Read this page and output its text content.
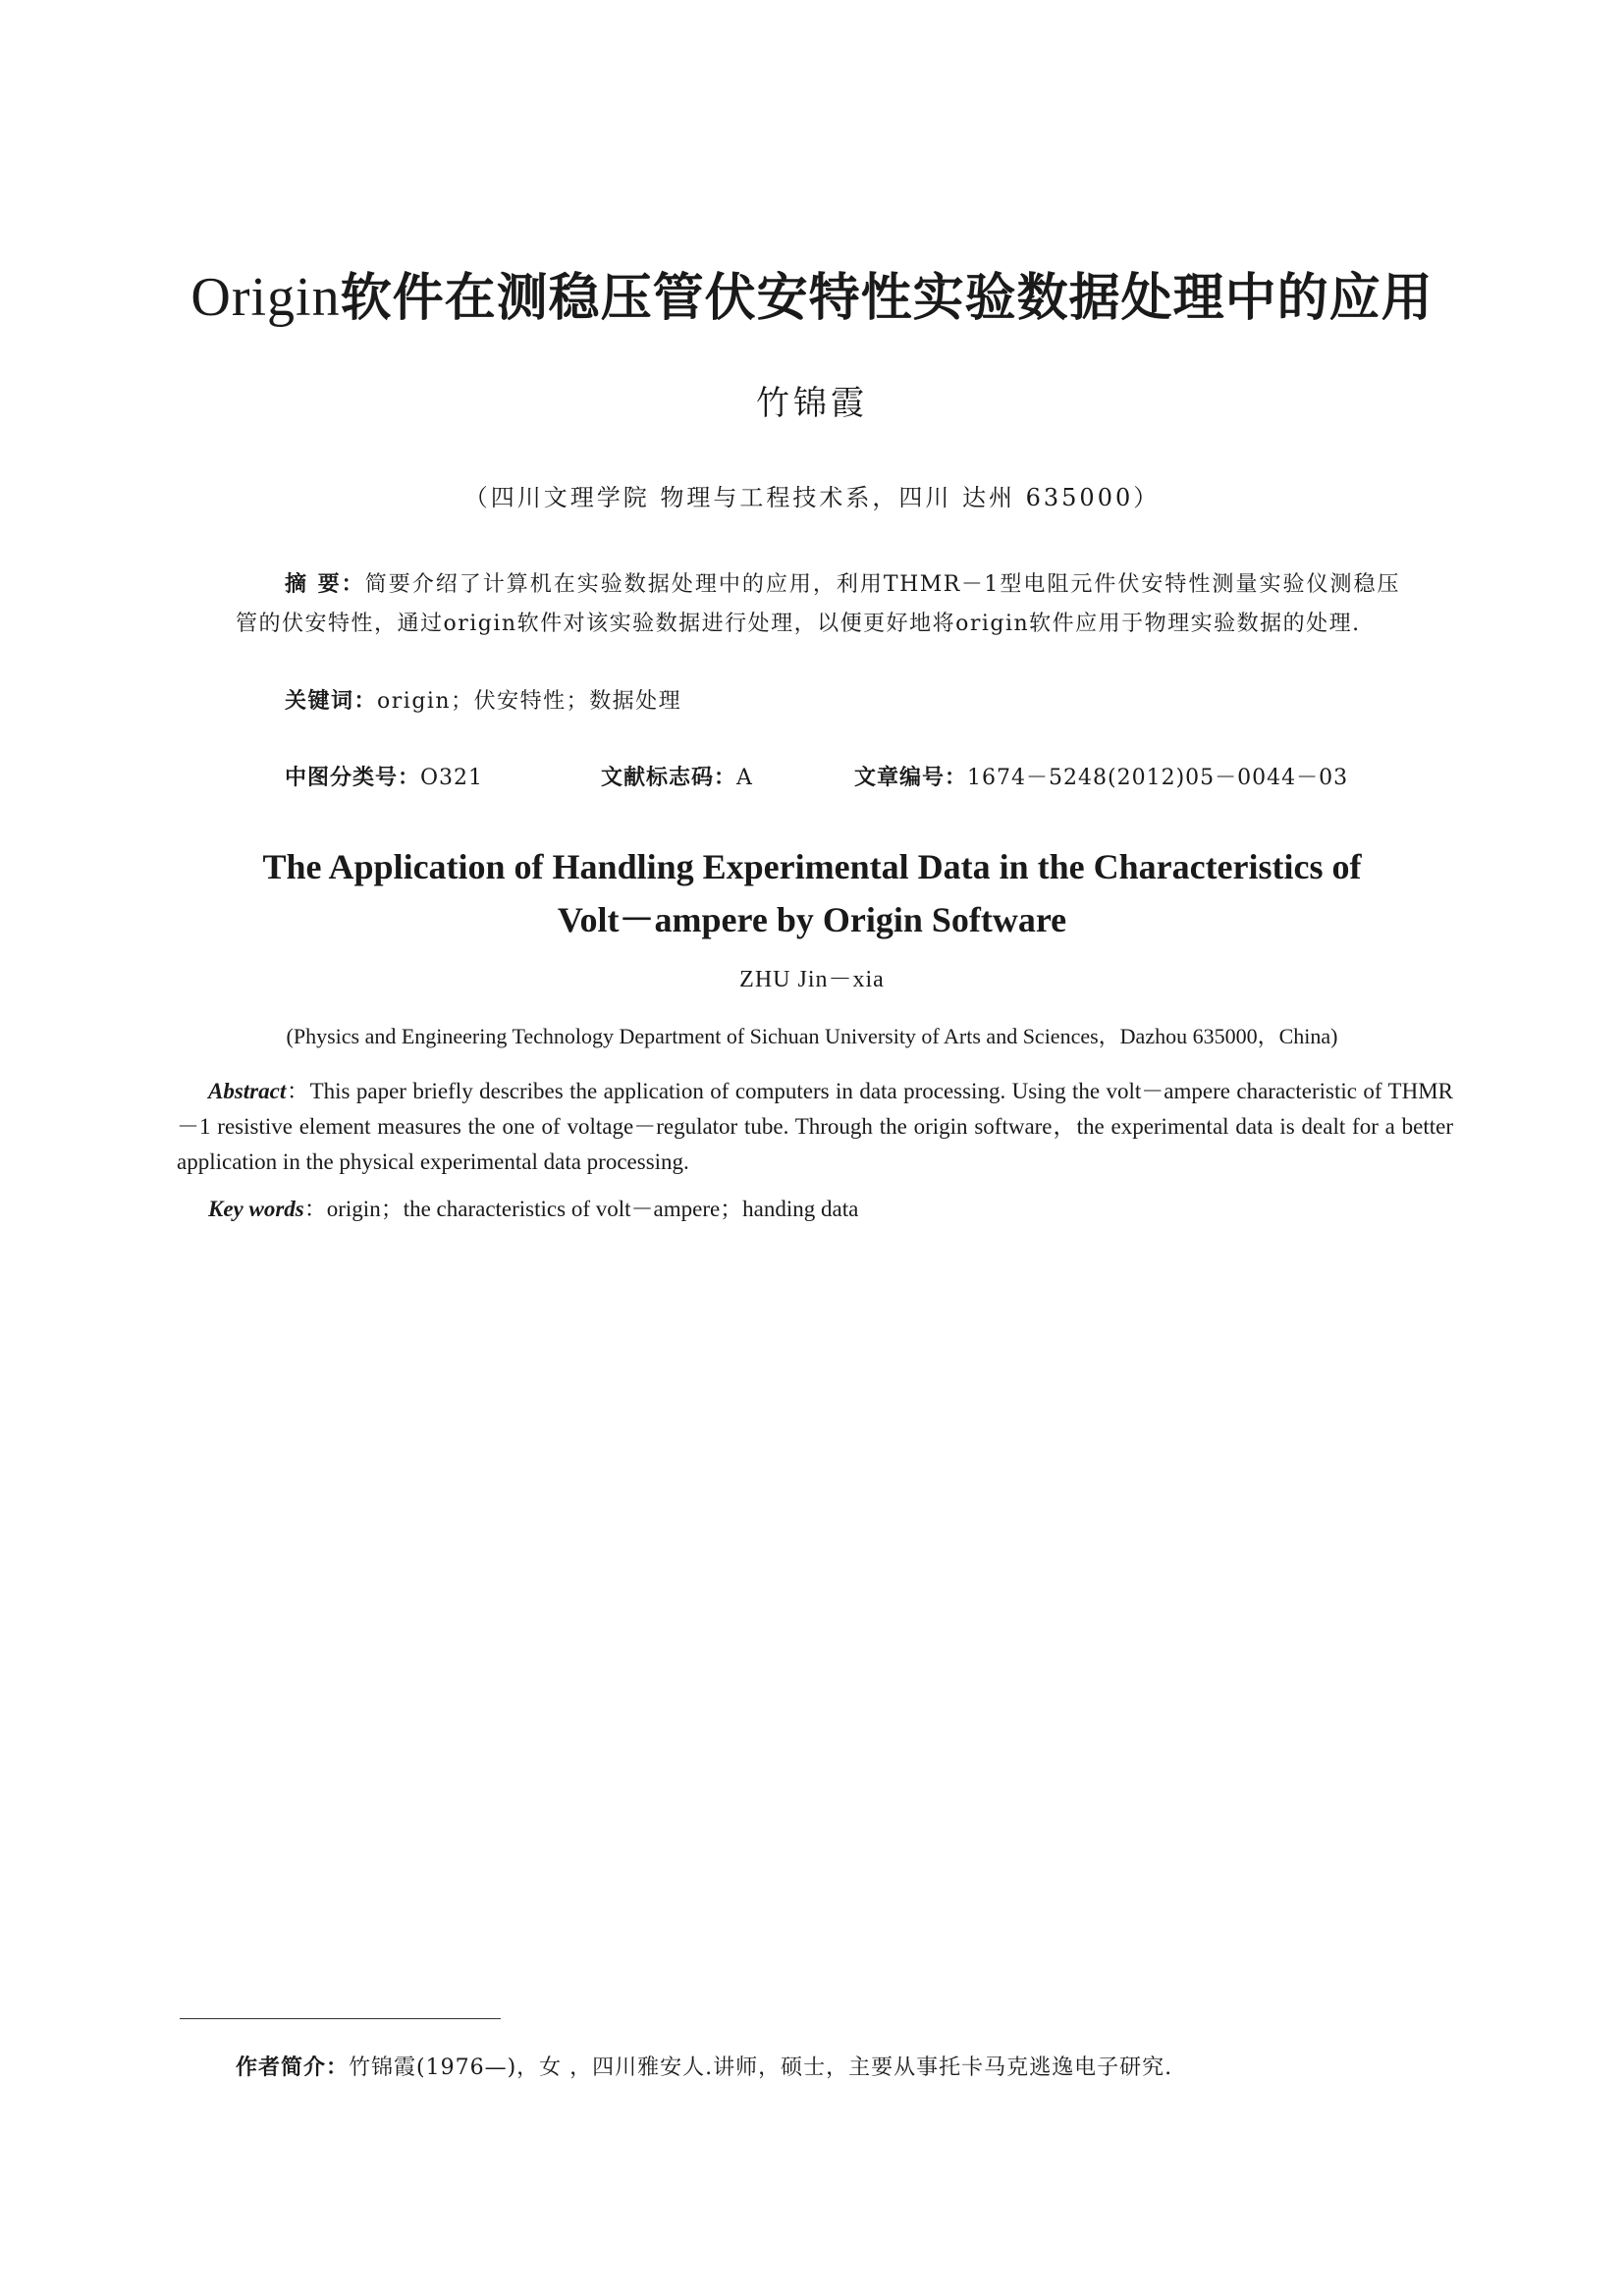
Origin软件在测稳压管伏安特性实验数据处理中的应用
竹锦霞
（四川文理学院 物理与工程技术系，四川 达州 635000）

摘 要：简要介绍了计算机在实验数据处理中的应用，利用THMR－1型电阻元件伏安特性测量实验仪测稳压管的伏安特性，通过origin软件对该实验数据进行处理，以便更好地将origin软件应用于物理实验数据的处理.

关键词：origin；伏安特性；数据处理
中图分类号：O321	文献标志码：A	文章编号：1674－5248(2012)05－0044－03
The Application of Handling Experimental Data in the Characteristics of
Volt－ampere by Origin Software
ZHU Jin－xia
(Physics and Engineering Technology Department of Sichuan University of Arts and Sciences，Dazhou 635000，China)

Abstract：This paper briefly describes the application of computers in data processing. Using the volt－ampere characteristic of THMR－1 resistive element measures the one of voltage－regulator tube. Through the origin software，the experimental data is dealt for a better application in the physical experimental data processing.

Key words：origin；the characteristics of volt－ampere；handing data
作者简介：竹锦霞(1976—)，女 ，四川雅安人.讲师，硕士，主要从事托卡马克逃逸电子研究.
